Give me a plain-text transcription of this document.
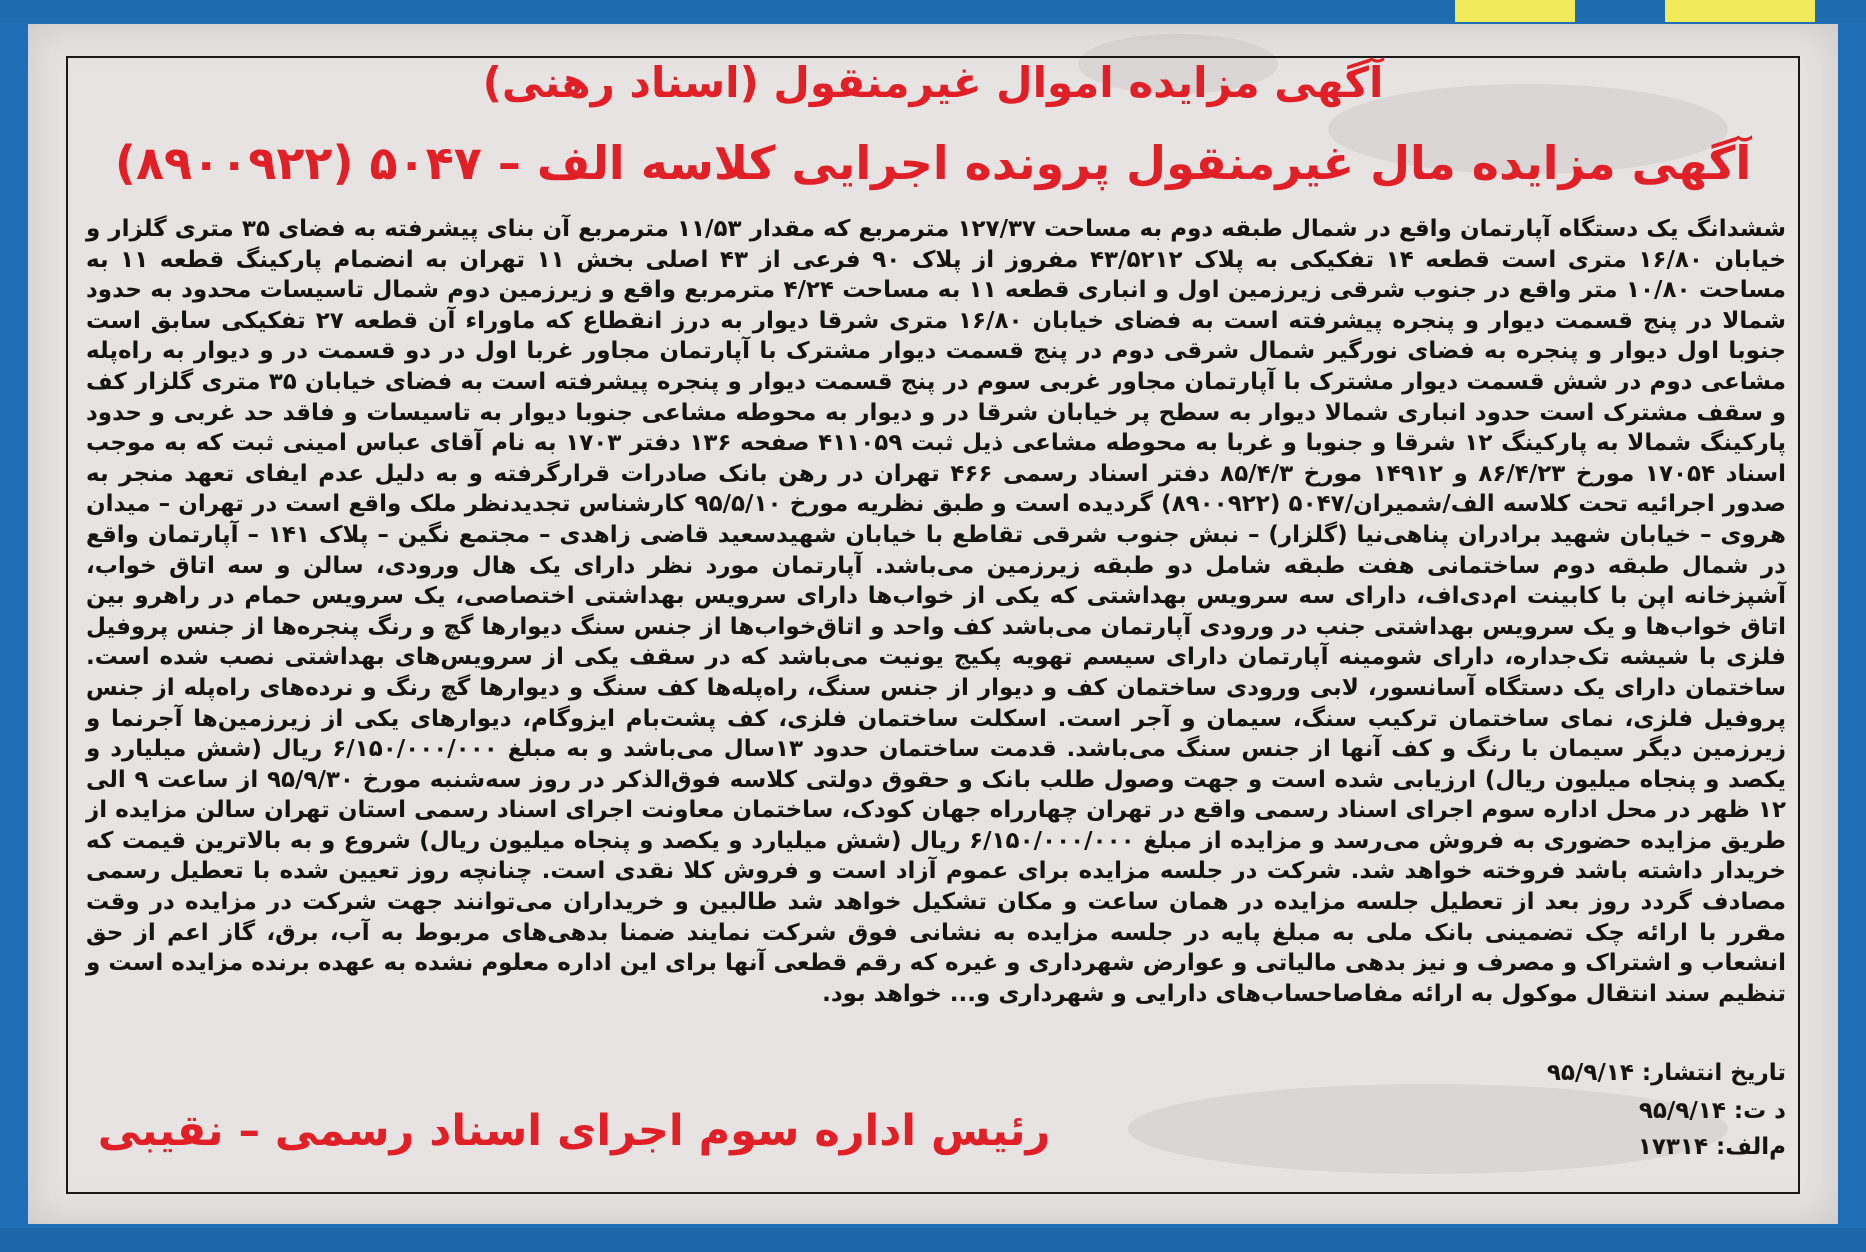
آگهی مزایده اموال غیرمنقول (اسناد رهنی)
آگهی مزایده مال غیرمنقول پرونده اجرایی کلاسه الف – ۵۰۴۷ (۸۹۰۰۹۲۲)
ششدانگ یک دستگاه آپارتمان واقع در شمال طبقه دوم به مساحت ۱۲۷/۳۷ مترمربع که مقدار ۱۱/۵۳ مترمربع آن بنای پیشرفته به فضای ۳۵ متری گلزار و خیابان ۱۶/۸۰ متری است قطعه ۱۴ تفکیکی به پلاک ۴۳/۵۲۱۲ مفروز از پلاک ۹۰ فرعی از ۴۳ اصلی بخش ۱۱ تهران به انضمام پارکینگ قطعه ۱۱ به مساحت ۱۰/۸۰ متر واقع در جنوب شرقی زیرزمین اول و انباری قطعه ۱۱ به مساحت ۴/۲۴ مترمربع واقع و زیرزمین دوم شمال تاسیسات محدود به حدود شمالا در پنج قسمت دیوار و پنجره پیشرفته است به فضای خیابان ۱۶/۸۰ متری شرقا دیوار به درز انقطاع که ماوراء آن قطعه ۲۷ تفکیکی سابق است جنوبا اول دیوار و پنجره به فضای نورگیر شمال شرقی دوم در پنج قسمت دیوار مشترک با آپارتمان مجاور غربا اول در دو قسمت در و دیوار به راه‌پله مشاعی دوم در شش قسمت دیوار مشترک با آپارتمان مجاور غربی سوم در پنج قسمت دیوار و پنجره پیشرفته است به فضای خیابان ۳۵ متری گلزار کف و سقف مشترک است حدود انباری شمالا دیوار به سطح پر خیابان شرقا در و دیوار به محوطه مشاعی جنوبا دیوار به تاسیسات و فاقد حد غربی و حدود پارکینگ شمالا به پارکینگ ۱۲ شرقا و جنوبا و غربا به محوطه مشاعی ذیل ثبت ۴۱۱۰۵۹ صفحه ۱۳۶ دفتر ۱۷۰۳ به نام آقای عباس امینی ثبت که به موجب اسناد ۱۷۰۵۴ مورخ ۸۶/۴/۲۳ و ۱۴۹۱۲ مورخ ۸۵/۴/۳ دفتر اسناد رسمی ۴۶۶ تهران در رهن بانک صادرات قرارگرفته و به دلیل عدم ایفای تعهد منجر به صدور اجرائیه تحت کلاسه الف/شمیران/۵۰۴۷ (۸۹۰۰۹۲۲) گردیده است و طبق نظریه مورخ ۹۵/۵/۱۰ کارشناس تجدیدنظر ملک واقع است در تهران – میدان هروی – خیابان شهید برادران پناهی‌نیا (گلزار) – نبش جنوب شرقی تقاطع با خیابان شهیدسعید قاضی زاهدی – مجتمع نگین – پلاک ۱۴۱ – آپارتمان واقع در شمال طبقه دوم ساختمانی هفت طبقه شامل دو طبقه زیرزمین می‌باشد. آپارتمان مورد نظر دارای یک هال ورودی، سالن و سه اتاق خواب، آشپزخانه اپن با کابینت ام‌دی‌اف، دارای سه سرویس بهداشتی که یکی از خواب‌ها دارای سرویس بهداشتی اختصاصی، یک سرویس حمام در راهرو بین اتاق خواب‌ها و یک سرویس بهداشتی جنب در ورودی آپارتمان می‌باشد کف واحد و اتاق‌خواب‌ها از جنس سنگ دیوارها گچ و رنگ پنجره‌ها از جنس پروفیل فلزی با شیشه تک‌جداره، دارای شومینه آپارتمان دارای سیسم تهویه پکیج یونیت می‌باشد که در سقف یکی از سرویس‌های بهداشتی نصب شده است. ساختمان دارای یک دستگاه آسانسور، لابی ورودی ساختمان کف و دیوار از جنس سنگ، راه‌پله‌ها کف سنگ و دیوارها گچ رنگ و نرده‌های راه‌پله از جنس پروفیل فلزی، نمای ساختمان ترکیب سنگ، سیمان و آجر است. اسکلت ساختمان فلزی، کف پشت‌بام ایزوگام، دیوارهای یکی از زیرزمین‌ها آجرنما و زیرزمین دیگر سیمان با رنگ و کف آنها از جنس سنگ می‌باشد. قدمت ساختمان حدود ۱۳سال می‌باشد و به مبلغ ۶/۱۵۰/۰۰۰/۰۰۰ ریال (شش میلیارد و یکصد و پنجاه میلیون ریال) ارزیابی شده است و جهت وصول طلب بانک و حقوق دولتی کلاسه فوق‌الذکر در روز سه‌شنبه مورخ ۹۵/۹/۳۰ از ساعت ۹ الی ۱۲ ظهر در محل اداره سوم اجرای اسناد رسمی واقع در تهران چهارراه جهان کودک، ساختمان معاونت اجرای اسناد رسمی استان تهران سالن مزایده از طریق مزایده حضوری به فروش می‌رسد و مزایده از مبلغ ۶/۱۵۰/۰۰۰/۰۰۰ ریال (شش میلیارد و یکصد و پنجاه میلیون ریال) شروع و به بالاترین قیمت که خریدار داشته باشد فروخته خواهد شد. شرکت در جلسه مزایده برای عموم آزاد است و فروش کلا نقدی است. چنانچه روز تعیین شده با تعطیل رسمی مصادف گردد روز بعد از تعطیل جلسه مزایده در همان ساعت و مکان تشکیل خواهد شد طالبین و خریداران می‌توانند جهت شرکت در مزایده در وقت مقرر با ارائه چک تضمینی بانک ملی به مبلغ پایه در جلسه مزایده به نشانی فوق شرکت نمایند ضمنا بدهی‌های مربوط به آب، برق، گاز اعم از حق انشعاب و اشتراک و مصرف و نیز بدهی مالیاتی و عوارض شهرداری و غیره که رقم قطعی آنها برای این اداره معلوم نشده به عهده برنده مزایده است و تنظیم سند انتقال موکول به ارائه مفاصاحساب‌های دارایی و شهرداری و... خواهد بود.
تاریخ انتشار: ۹۵/۹/۱۴
د ت: ۹۵/۹/۱۴
م‌الف: ۱۷۳۱۴
رئیس اداره سوم اجرای اسناد رسمی – نقیبی
